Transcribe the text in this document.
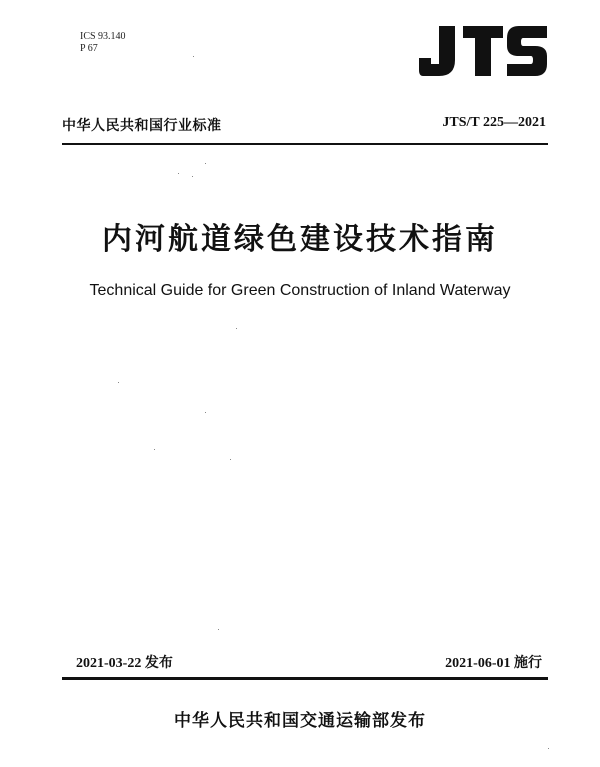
ICS 93.140
P 67
中华人民共和国行业标准	JTS/T 225—2021
内河航道绿色建设技术指南
Technical Guide for Green Construction of Inland Waterway
2021-03-22 发布	2021-06-01 施行
中华人民共和国交通运输部发布
